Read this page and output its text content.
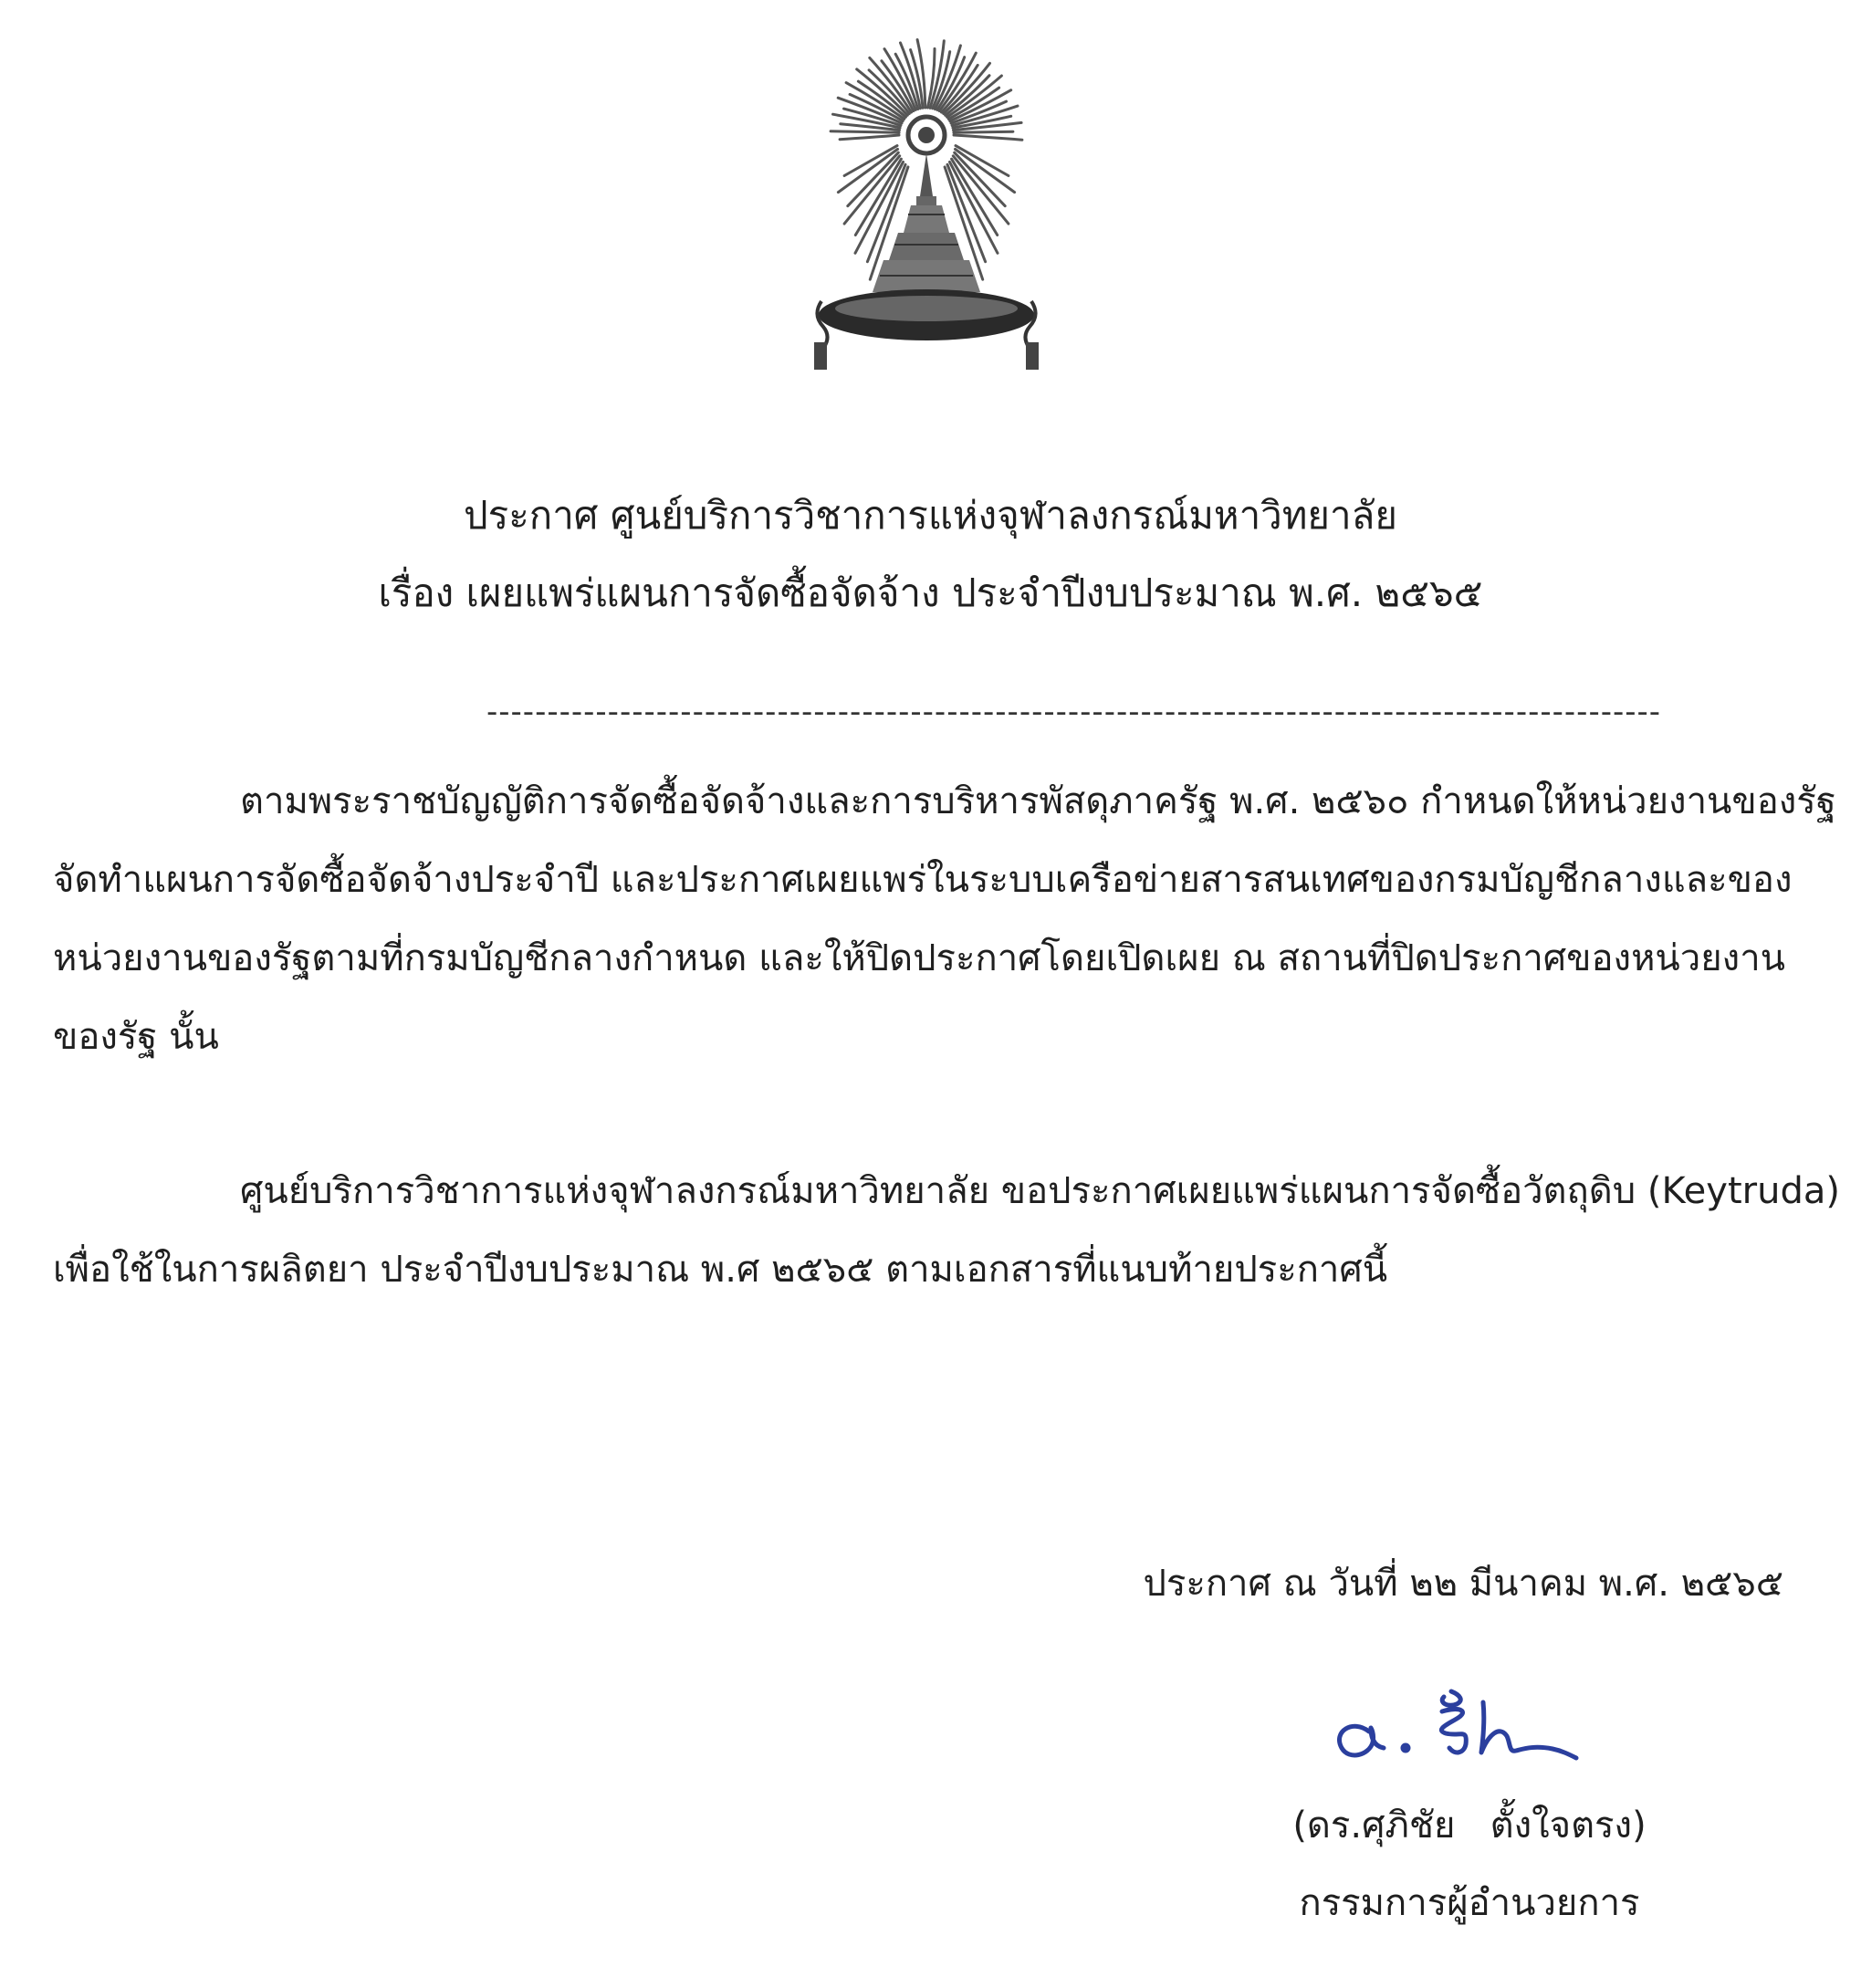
ประกาศ ศูนย์บริการวิชาการแห่งจุฬาลงกรณ์มหาวิทยาลัย
เรื่อง เผยแพร่แผนการจัดซื้อจัดจ้าง ประจำปีงบประมาณ พ.ศ. ๒๕๖๕
-------------------------------------------------------------------------------------------------
ตามพระราชบัญญัติการจัดซื้อจัดจ้างและการบริหารพัสดุภาครัฐ พ.ศ. ๒๕๖๐ กำหนดให้หน่วยงานของรัฐ
จัดทำแผนการจัดซื้อจัดจ้างประจำปี และประกาศเผยแพร่ในระบบเครือข่ายสารสนเทศของกรมบัญชีกลางและของ
หน่วยงานของรัฐตามที่กรมบัญชีกลางกำหนด และให้ปิดประกาศโดยเปิดเผย ณ สถานที่ปิดประกาศของหน่วยงาน
ของรัฐ นั้น
ศูนย์บริการวิชาการแห่งจุฬาลงกรณ์มหาวิทยาลัย ขอประกาศเผยแพร่แผนการจัดซื้อวัตถุดิบ (Keytruda)
เพื่อใช้ในการผลิตยา ประจำปีงบประมาณ พ.ศ ๒๕๖๕ ตามเอกสารที่แนบท้ายประกาศนี้
ประกาศ ณ วันที่ ๒๒ มีนาคม พ.ศ. ๒๕๖๕
(ดร.ศุภิชัย   ตั้งใจตรง)
กรรมการผู้อำนวยการ
